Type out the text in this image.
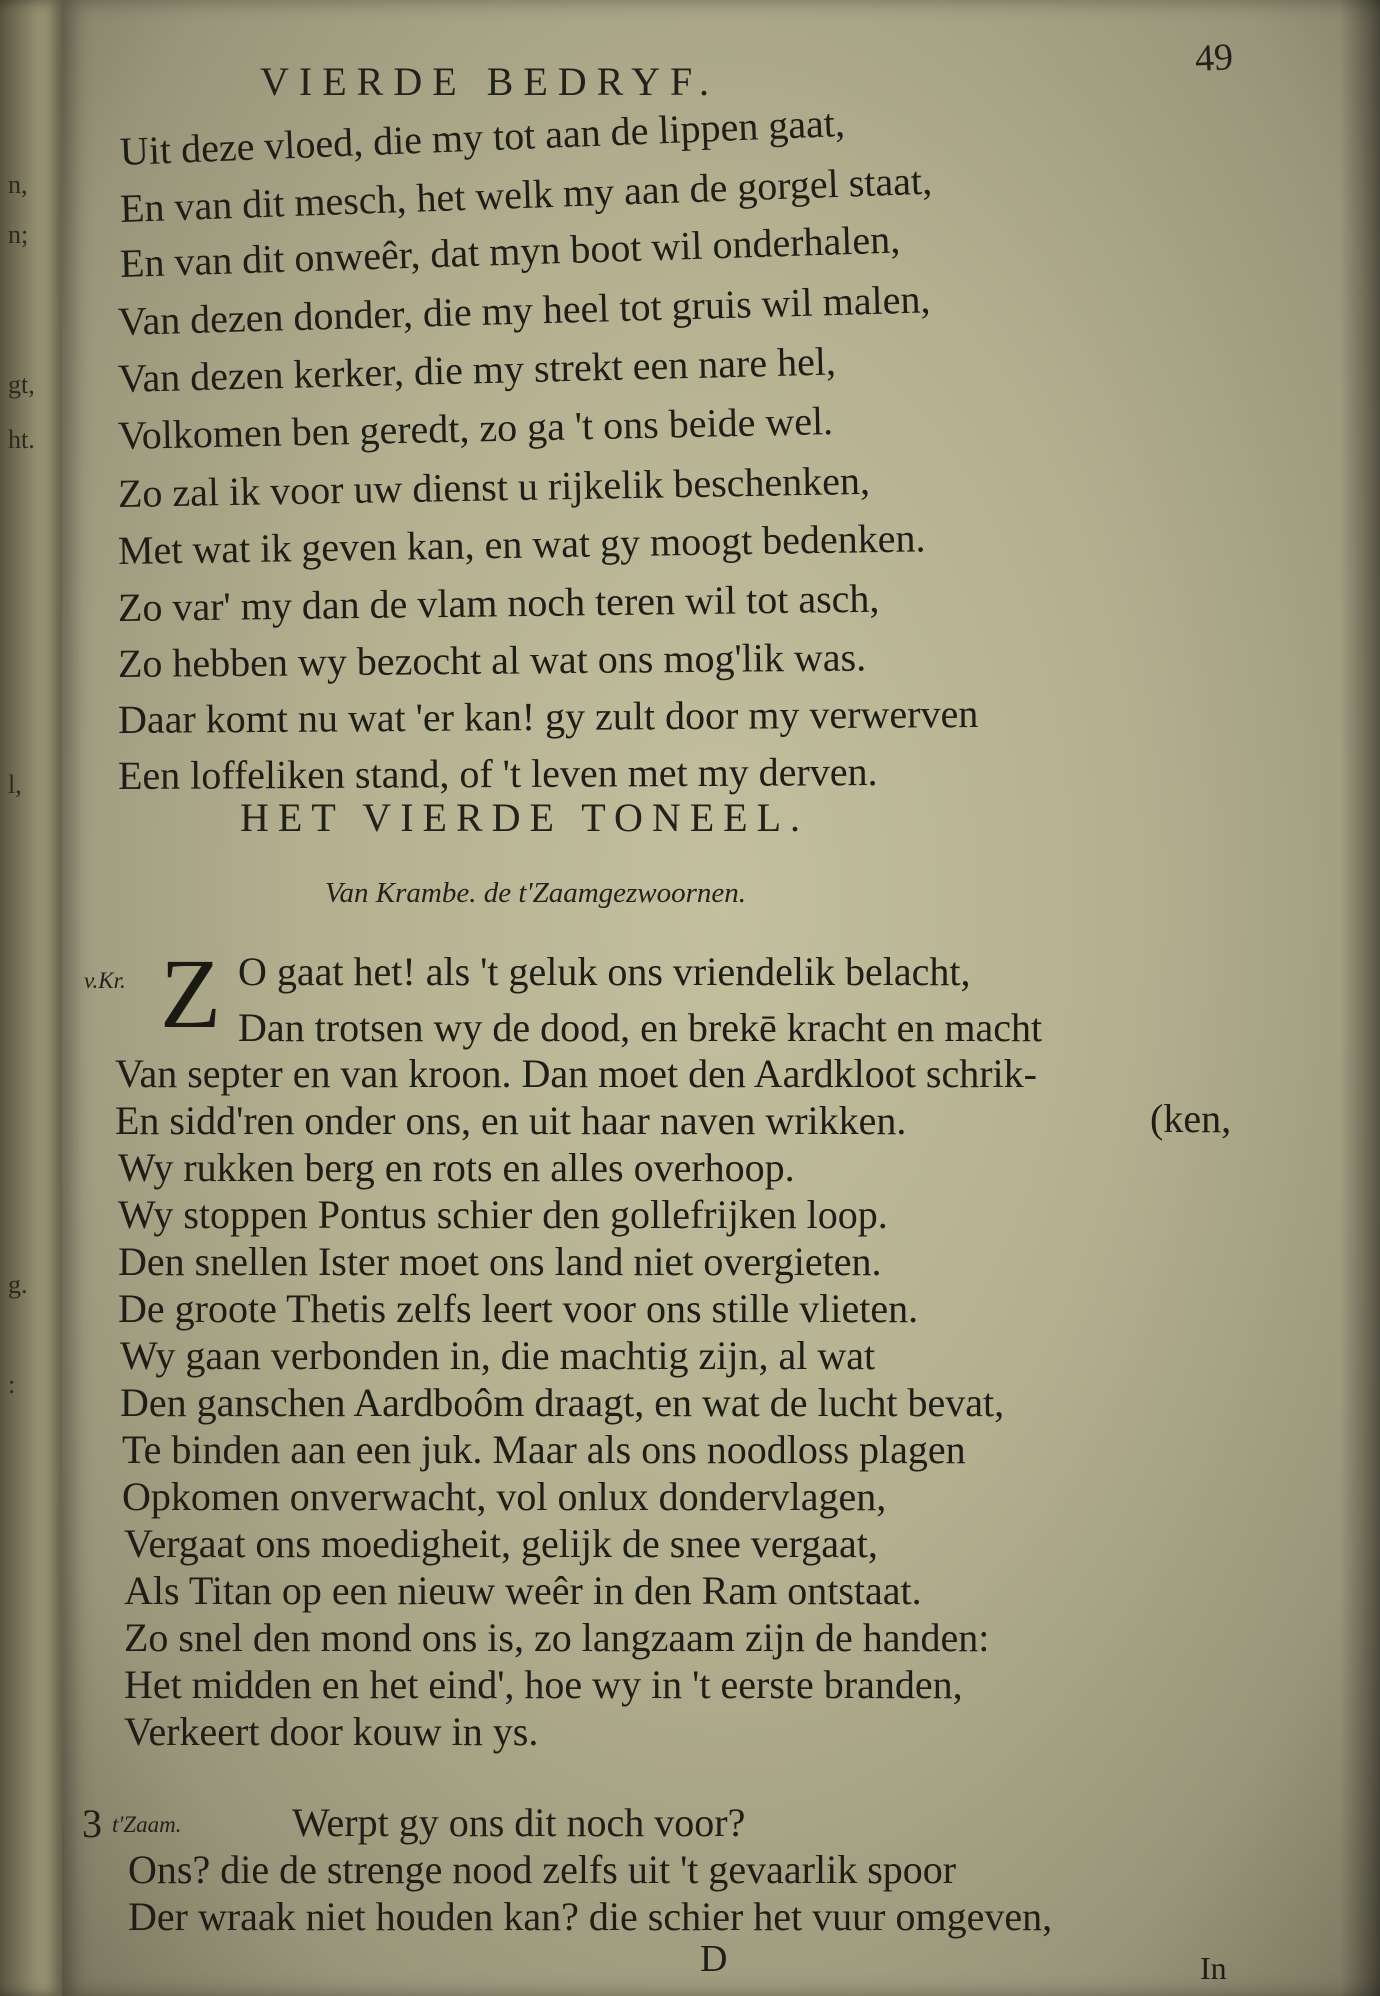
n,
n;
gt,
ht.
l,
g.
:
VIERDE BEDRYF.
49

Uit deze vloed, die my tot aan de lippen gaat,

En van dit mesch, het welk my aan de gorgel staat,

En van dit onweêr, dat myn boot wil onderhalen,

Van dezen donder, die my heel tot gruis wil malen,

Van dezen kerker, die my strekt een nare hel,

Volkomen ben geredt, zo ga 't ons beide wel.

Zo zal ik voor uw dienst u rijkelik beschenken,

Met wat ik geven kan, en wat gy moogt bedenken.

Zo var' my dan de vlam noch teren wil tot asch,

Zo hebben wy bezocht al wat ons mog'lik was.

Daar komt nu wat 'er kan! gy zult door my verwerven

Een loffeliken stand, of 't leven met my derven.

HET VIERDE TONEEL.
Van Krambe. de t'Zaamgezwoornen.
v.Kr. Z O gaat het! als 't geluk ons vriendelik belacht,

Dan trotsen wy de dood, en brekē kracht en macht

Van septer en van kroon. Dan moet den Aardkloot schrik-

En sidd'ren onder ons, en uit haar naven wrikken.	(ken,

Wy rukken berg en rots en alles overhoop.

Wy stoppen Pontus schier den gollefrijken loop.

Den snellen Ister moet ons land niet overgieten.

De groote Thetis zelfs leert voor ons stille vlieten.

Wy gaan verbonden in, die machtig zijn, al wat

Den ganschen Aardboôm draagt, en wat de lucht bevat,

Te binden aan een juk. Maar als ons noodloss plagen

Opkomen onverwacht, vol onlux dondervlagen,

Vergaat ons moedigheit, gelijk de snee vergaat,

Als Titan op een nieuw weêr in den Ram ontstaat.

Zo snel den mond ons is, zo langzaam zijn de handen:

Het midden en het eind', hoe wy in 't eerste branden,

Verkeert door kouw in ys.

3 t'Zaam.	Werpt gy ons dit noch voor?

Ons? die de strenge nood zelfs uit 't gevaarlik spoor

Der wraak niet houden kan? die schier het vuur omgeven,

D	In
